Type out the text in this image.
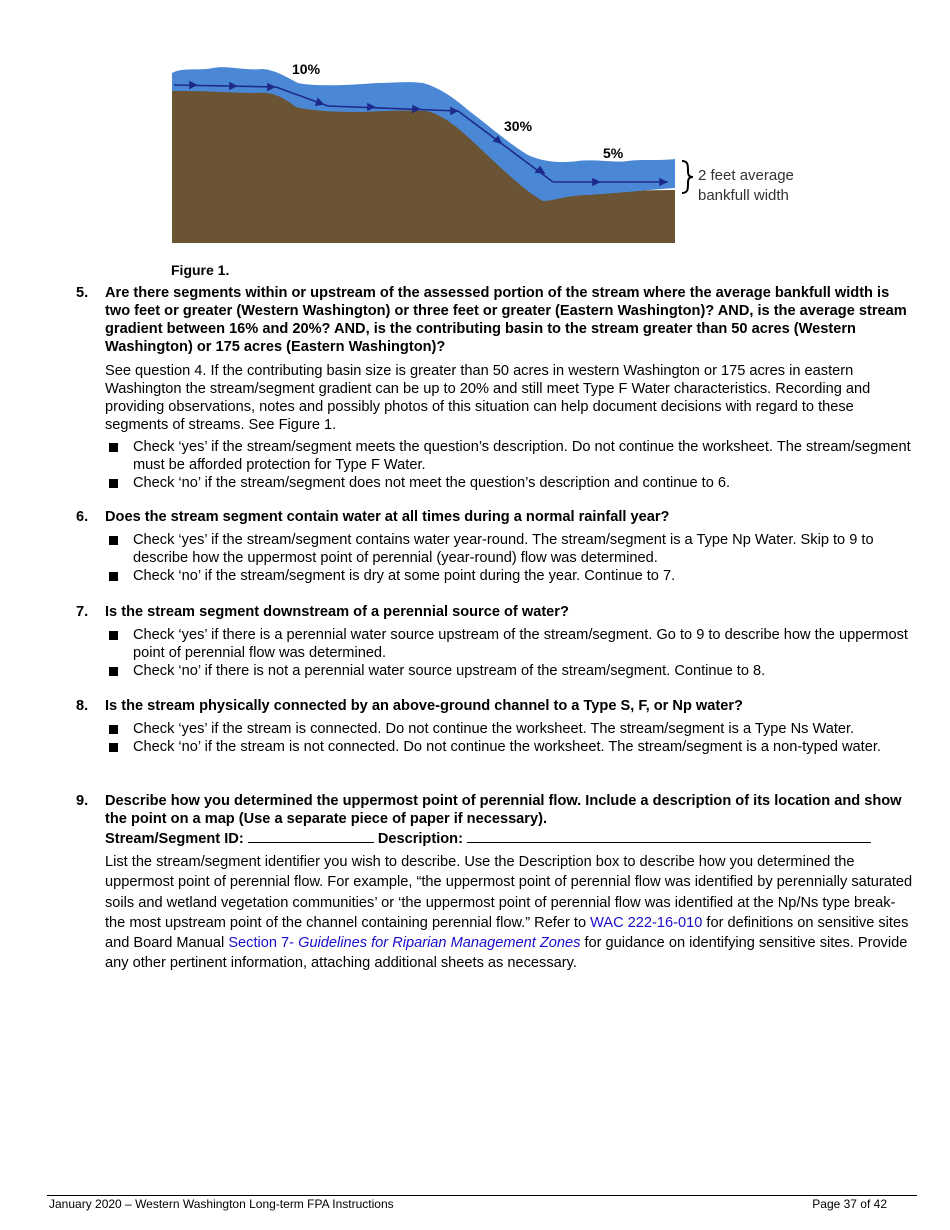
10%
30%
5%
2 feet average
bankfull width
Figure 1.
5. Are there segments within or upstream of the assessed portion of the stream where the average bankfull width is two feet or greater (Western Washington) or three feet or greater (Eastern Washington)? AND, is the average stream gradient between 16% and 20%? AND, is the contributing basin to the stream greater than 50 acres (Western Washington) or 175 acres (Eastern Washington)?
See question 4. If the contributing basin size is greater than 50 acres in western Washington or 175 acres in eastern Washington the stream/segment gradient can be up to 20% and still meet Type F Water characteristics. Recording and providing observations, notes and possibly photos of this situation can help document decisions with regard to these segments of streams. See Figure 1.
Check ‘yes’ if the stream/segment meets the question’s description. Do not continue the worksheet. The stream/segment must be afforded protection for Type F Water.
Check ‘no’ if the stream/segment does not meet the question’s description and continue to 6.
6. Does the stream segment contain water at all times during a normal rainfall year?
Check ‘yes’ if the stream/segment contains water year-round. The stream/segment is a Type Np Water. Skip to 9 to describe how the uppermost point of perennial (year-round) flow was determined.
Check ‘no’ if the stream/segment is dry at some point during the year. Continue to 7.
7. Is the stream segment downstream of a perennial source of water?
Check ‘yes’ if there is a perennial water source upstream of the stream/segment. Go to 9 to describe how the uppermost point of perennial flow was determined.
Check ‘no’ if there is not a perennial water source upstream of the stream/segment. Continue to 8.
8. Is the stream physically connected by an above-ground channel to a Type S, F, or Np water?
Check ‘yes’ if the stream is connected. Do not continue the worksheet. The stream/segment is a Type Ns Water.
Check ‘no’ if the stream is not connected. Do not continue the worksheet. The stream/segment is a non-typed water.
9. Describe how you determined the uppermost point of perennial flow. Include a description of its location and show the point on a map (Use a separate piece of paper if necessary).
Stream/Segment ID:	Description:
List the stream/segment identifier you wish to describe. Use the Description box to describe how you determined the uppermost point of perennial flow. For example, “the uppermost point of perennial flow was identified by perennially saturated soils and wetland vegetation communities’ or ‘the uppermost point of perennial flow was identified at the Np/Ns type break- the most upstream point of the channel containing perennial flow.” Refer to WAC 222-16-010 for definitions on sensitive sites and Board Manual Section 7- Guidelines for Riparian Management Zones for guidance on identifying sensitive sites. Provide any other pertinent information, attaching additional sheets as necessary.
January 2020 – Western Washington Long-term FPA Instructions	Page 37 of 42
